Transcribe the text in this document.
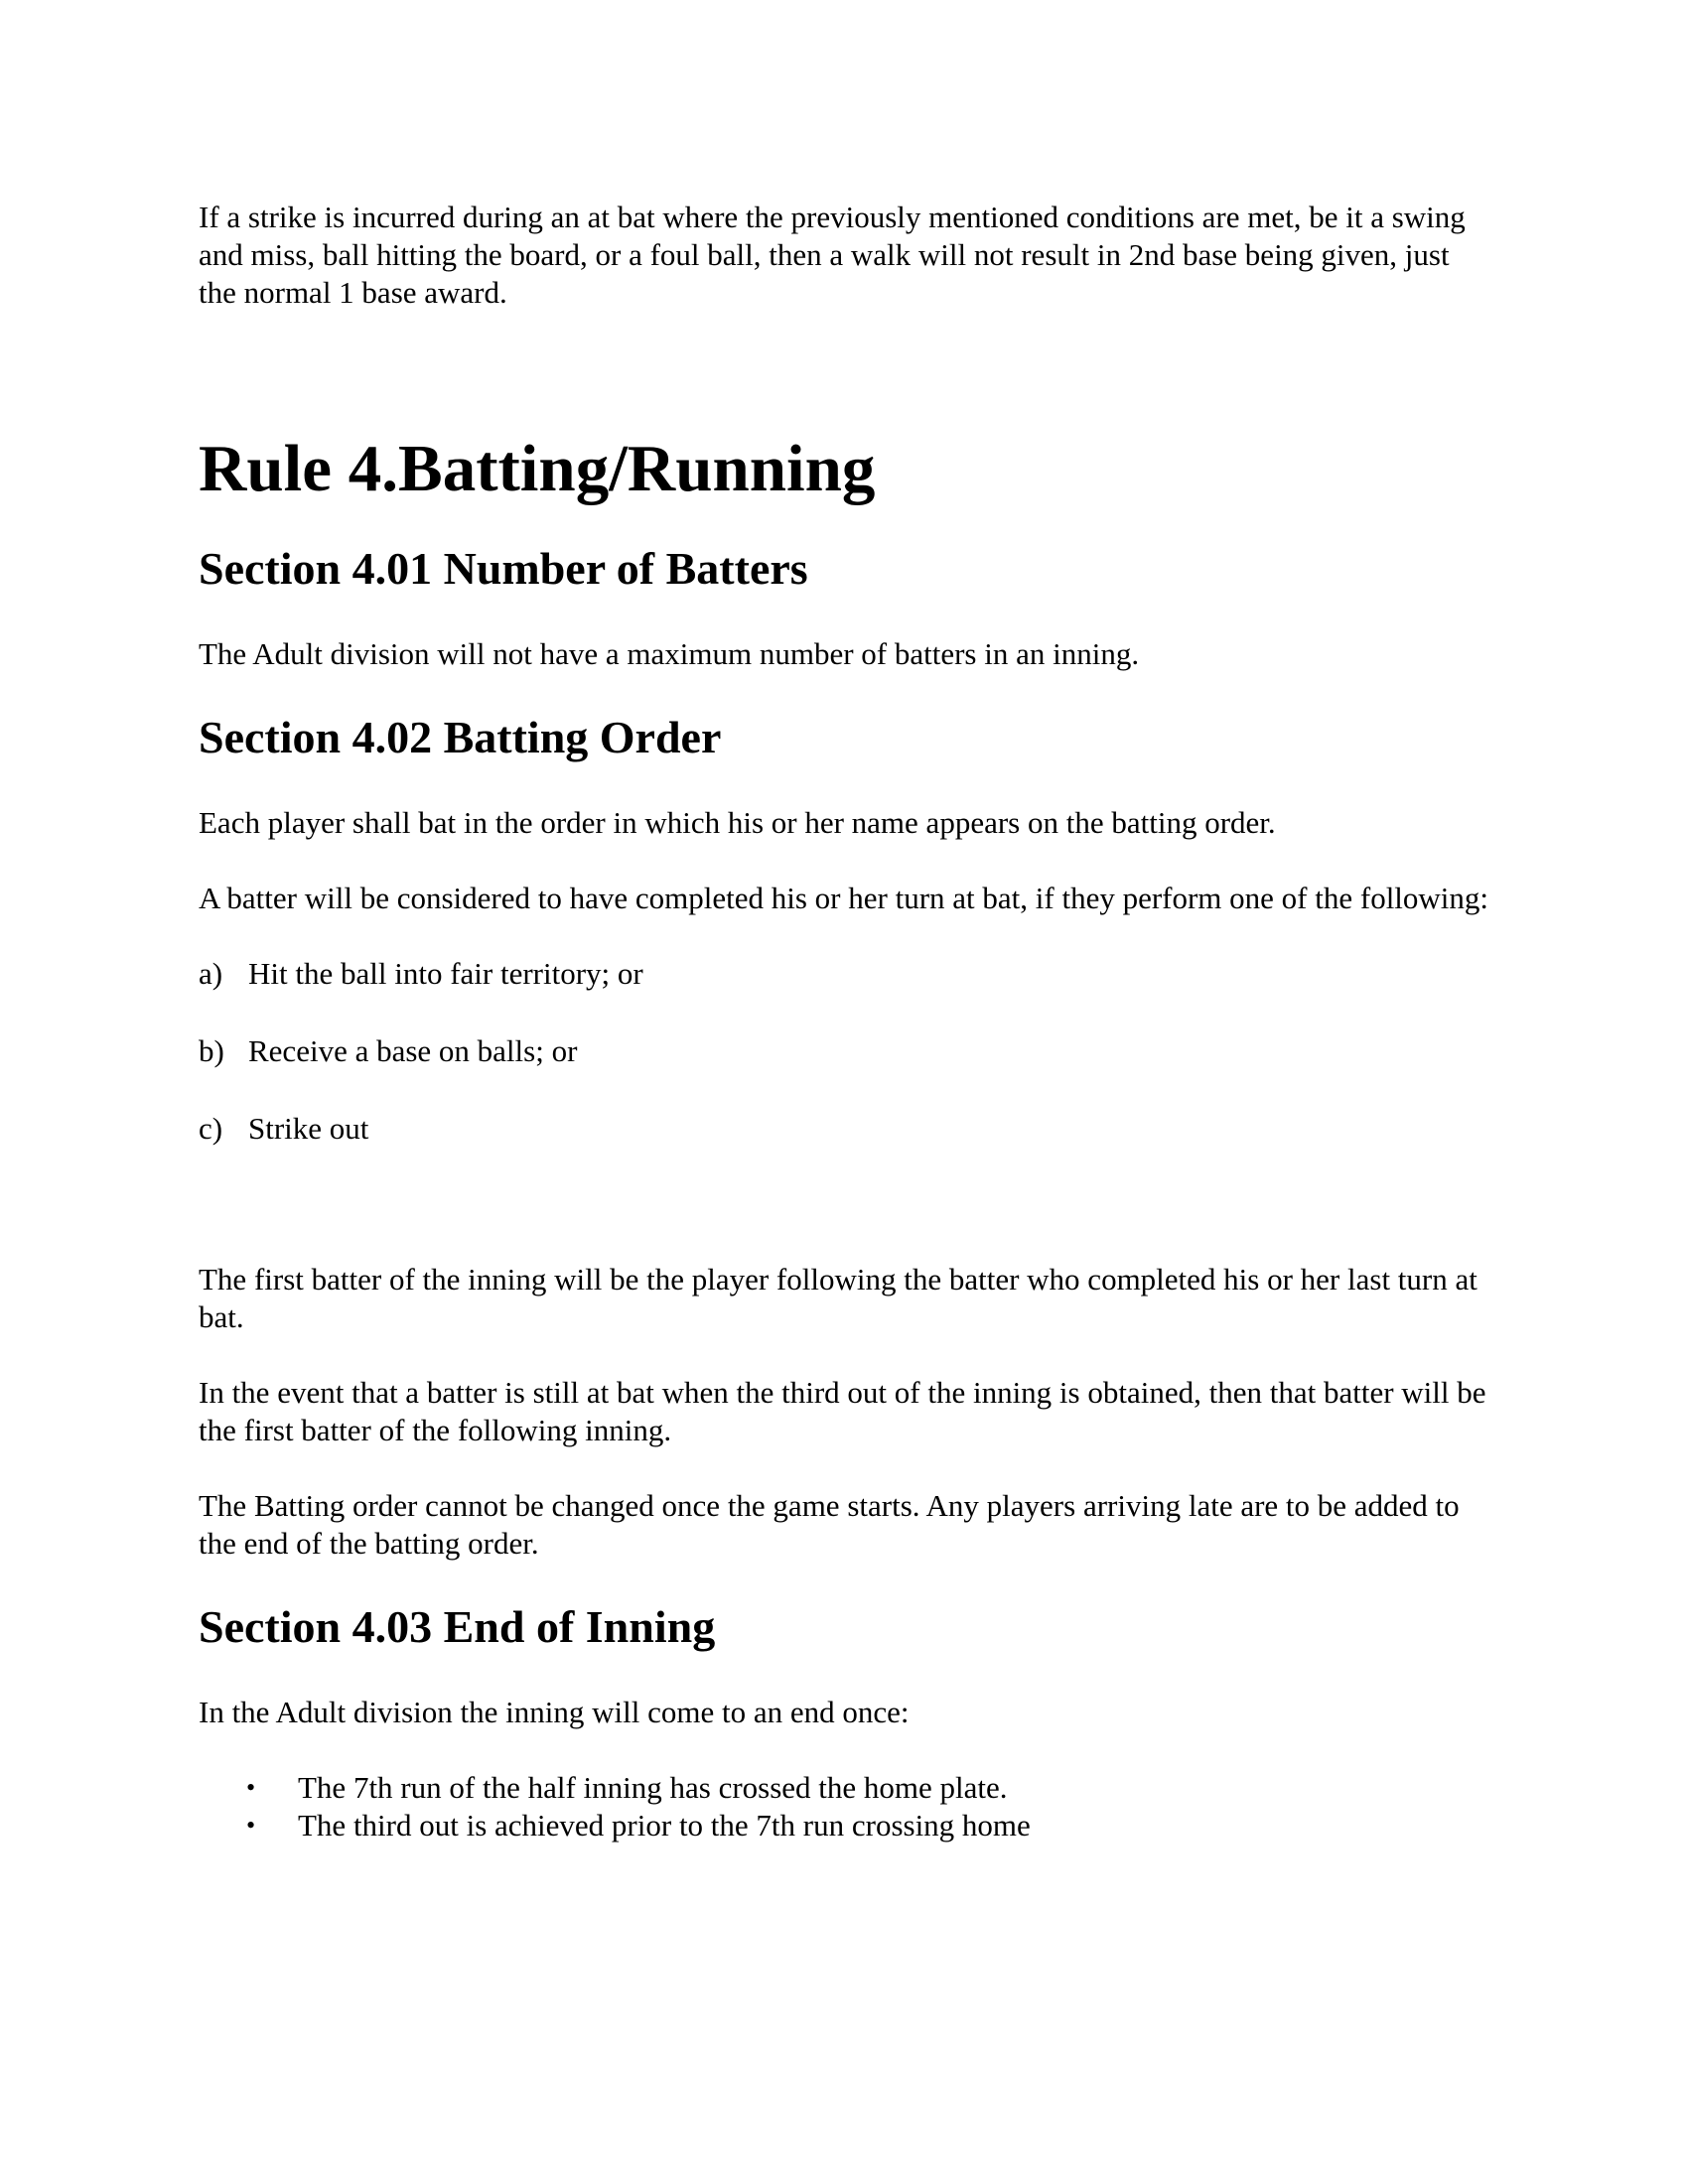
If a strike is incurred during an at bat where the previously mentioned conditions are met, be it a swing and miss, ball hitting the board, or a foul ball, then a walk will not result in 2nd base being given, just the normal 1 base award.

Rule 4.Batting/Running
Section 4.01 Number of Batters

The Adult division will not have a maximum number of batters in an inning.

Section 4.02 Batting Order

Each player shall bat in the order in which his or her name appears on the batting order.

A batter will be considered to have completed his or her turn at bat, if they perform one of the following:

a) Hit the ball into fair territory; or
b) Receive a base on balls; or
c) Strike out

The first batter of the inning will be the player following the batter who completed his or her last turn at bat.

In the event that a batter is still at bat when the third out of the inning is obtained, then that batter will be the first batter of the following inning.

The Batting order cannot be changed once the game starts. Any players arriving late are to be added to the end of the batting order.

Section 4.03 End of Inning

In the Adult division the inning will come to an end once:

•	The 7th run of the half inning has crossed the home plate.
•	The third out is achieved prior to the 7th run crossing home
